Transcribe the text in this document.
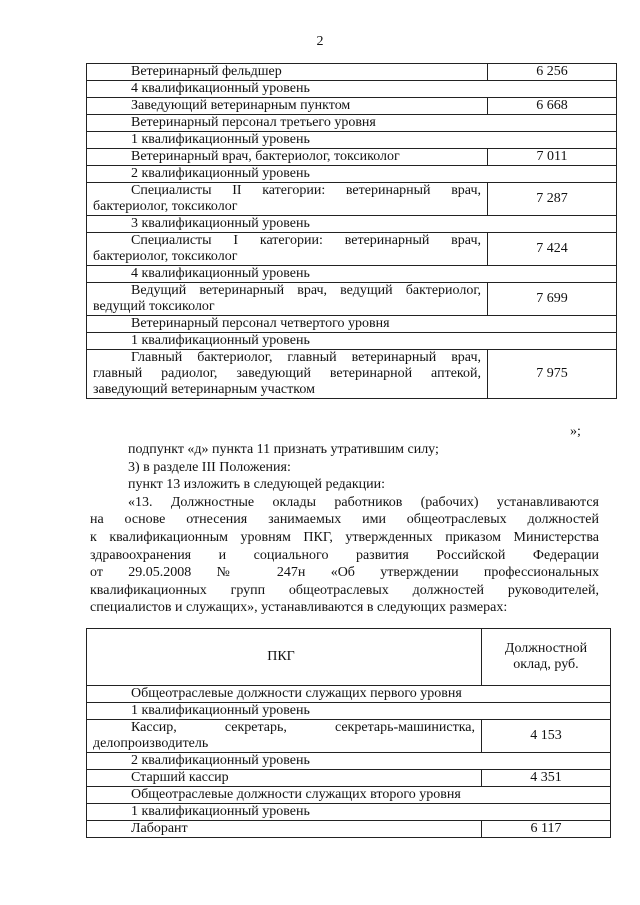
2
Ветеринарный фельдшер	6 256
4 квалификационный уровень	
Заведующий ветеринарным пунктом	6 668
Ветеринарный персонал третьего уровня	
1 квалификационный уровень	
Ветеринарный врач, бактериолог, токсиколог	7 011
2 квалификационный уровень	
Специалисты II категории: ветеринарный врач, бактериолог, токсиколог	7 287
3 квалификационный уровень	
Специалисты I категории: ветеринарный врач, бактериолог, токсиколог	7 424
4 квалификационный уровень	
Ведущий ветеринарный врач, ведущий бактериолог, ведущий токсиколог	7 699
Ветеринарный персонал четвертого уровня	
1 квалификационный уровень	
Главный бактериолог, главный ветеринарный врач, главный радиолог, заведующий ветеринарной аптекой, заведующий ветеринарным участком	7 975
»;

подпункт «д» пункта 11 признать утратившим силу;

3) в разделе III Положения:

пункт 13 изложить в следующей редакции:

«13. Должностные оклады работников (рабочих) устанавливаются
на основе отнесения занимаемых ими общеотраслевых должностей
к квалификационным уровням ПКГ, утвержденных приказом Министерства
здравоохранения и социального развития Российской Федерации
от 29.05.2008 № 247н «Об утверждении профессиональных
квалификационных групп общеотраслевых должностей руководителей,
специалистов и служащих», устанавливаются в следующих размерах:
ПКГ	Должностной оклад, руб.
Общеотраслевые должности служащих первого уровня	
1 квалификационный уровень	
Кассир, секретарь, секретарь-машинистка, делопроизводитель	4 153
2 квалификационный уровень	
Старший кассир	4 351
Общеотраслевые должности служащих второго уровня	
1 квалификационный уровень	
Лаборант	6 117
